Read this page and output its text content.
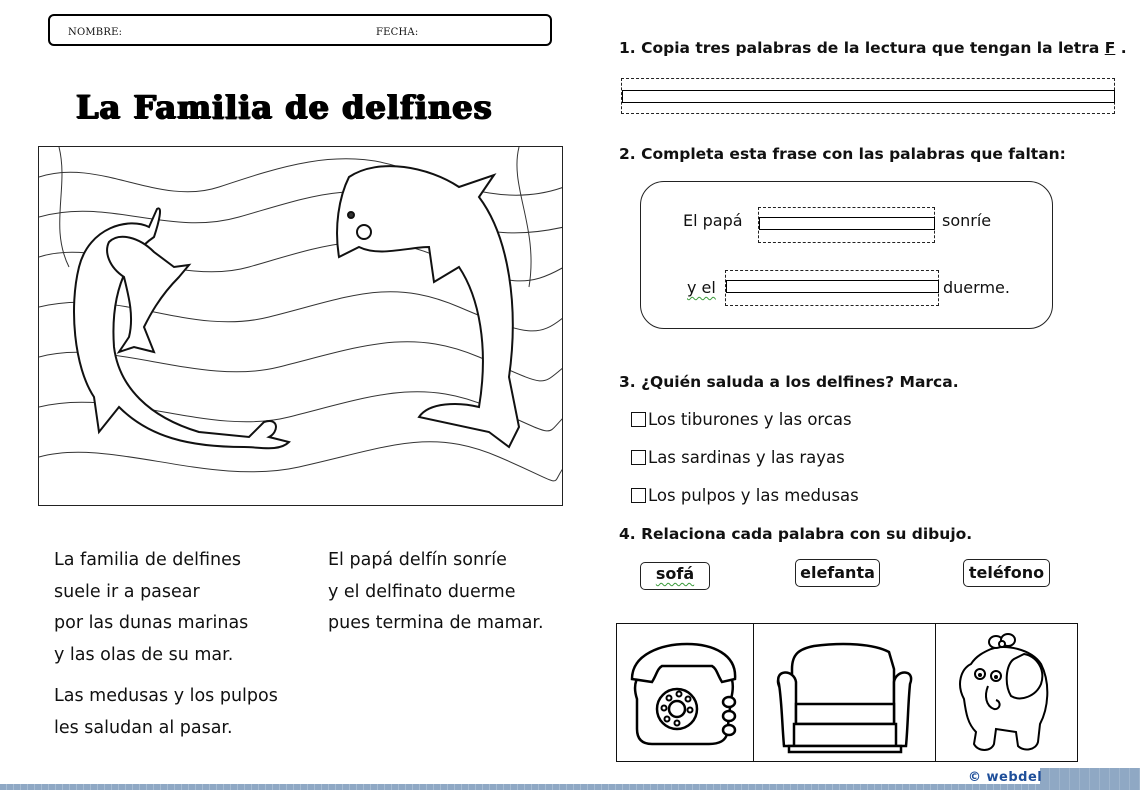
NOMBRE:	FECHA:
La Familia de delfines
La familia de delfines
suele ir a pasear
por las dunas marinas
y las olas de su mar.
Las medusas y los pulpos
les saludan al pasar.
El papá delfín sonríe
y el delfinato duerme
pues termina de mamar.
1. Copia tres palabras de la lectura que tengan la letra F .
2. Completa esta frase con las palabras que faltan:
El papá	sonríe
y el	duerme.
3. ¿Quién saluda a los delfines? Marca.
Los tiburones y las orcas
Las sardinas y las rayas
Los pulpos y las medusas
4. Relaciona cada palabra con su dibujo.
sofá	elefanta	teléfono
© webdel
